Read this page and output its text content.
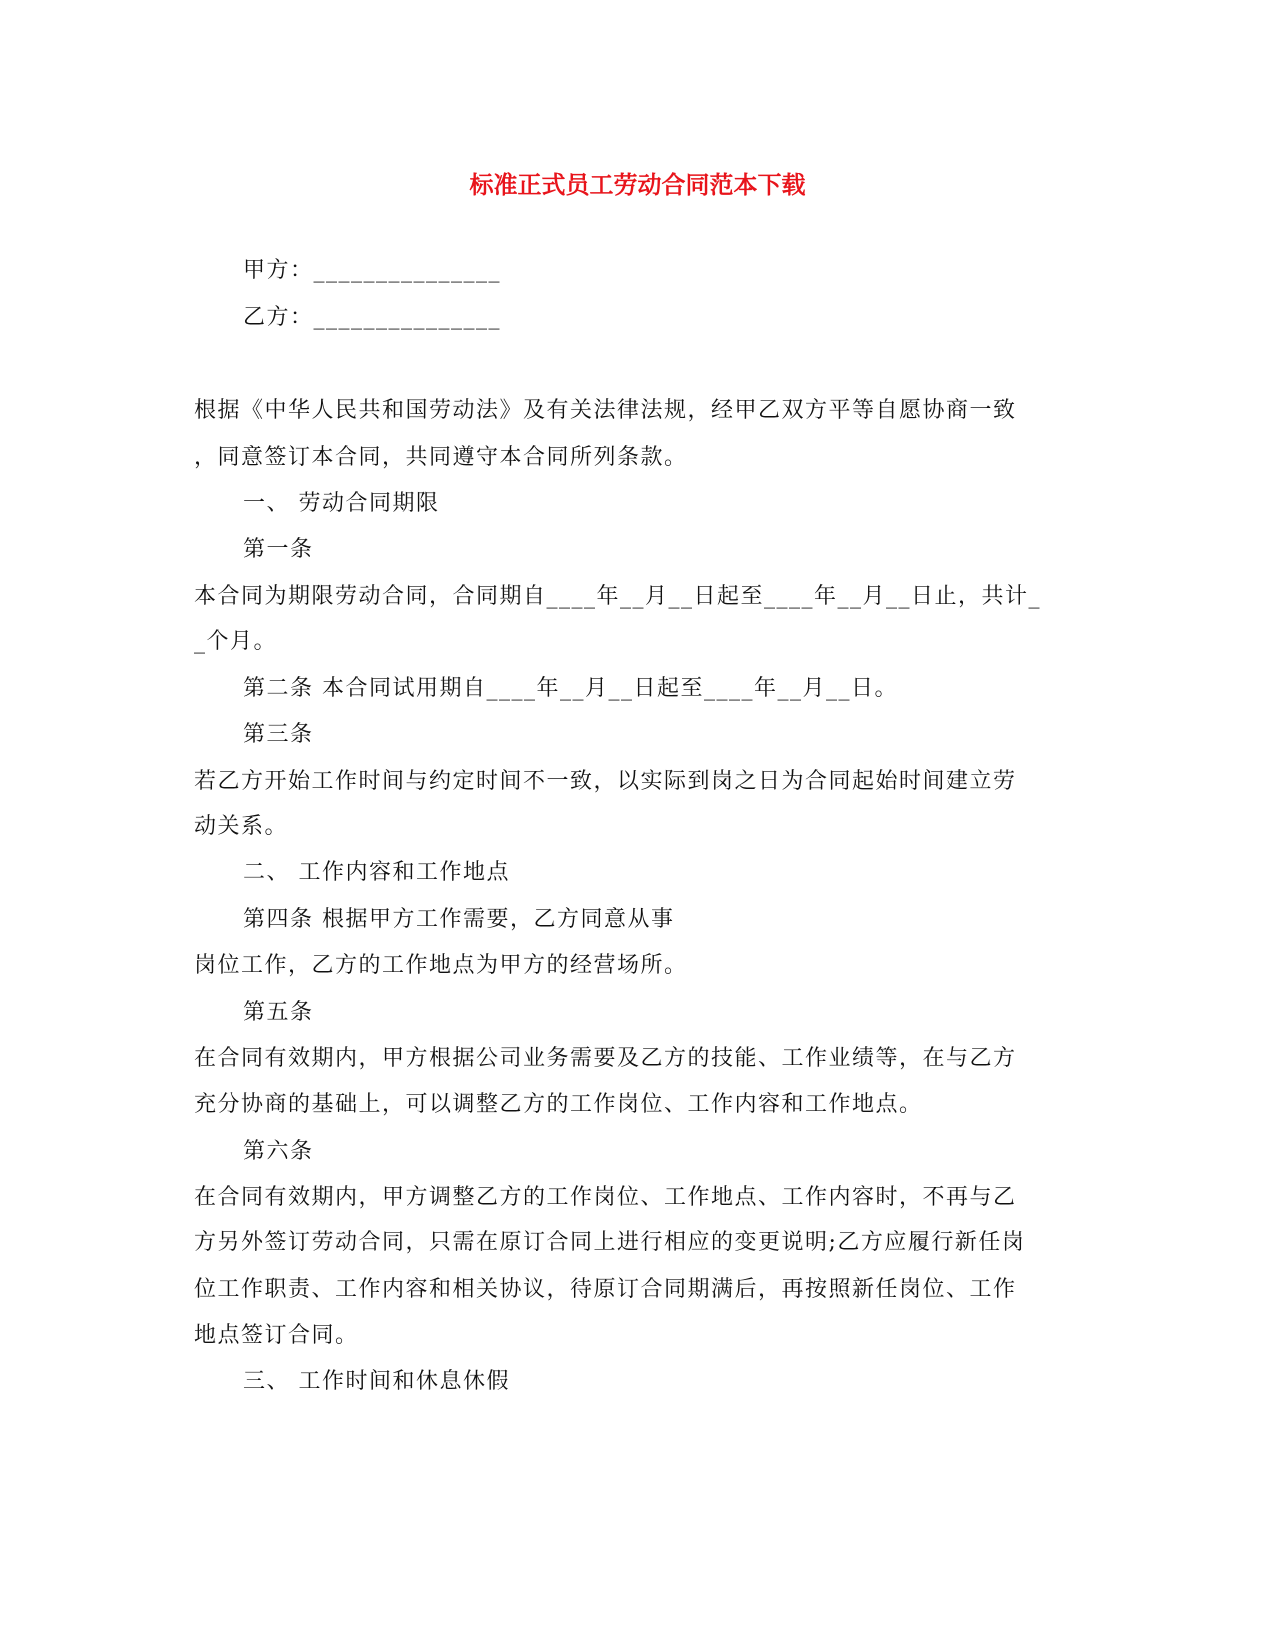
标准正式员工劳动合同范本下载
甲方：_______________
乙方：_______________
根据《中华人民共和国劳动法》及有关法律法规，经甲乙双方平等自愿协商一致
，同意签订本合同，共同遵守本合同所列条款。
一、 劳动合同期限
第一条
本合同为期限劳动合同，合同期自____年__月__日起至____年__月__日止，共计_
_个月。
第二条 本合同试用期自____年__月__日起至____年__月__日。
第三条
若乙方开始工作时间与约定时间不一致，以实际到岗之日为合同起始时间建立劳
动关系。
二、 工作内容和工作地点
第四条 根据甲方工作需要，乙方同意从事
岗位工作，乙方的工作地点为甲方的经营场所。
第五条
在合同有效期内，甲方根据公司业务需要及乙方的技能、工作业绩等，在与乙方
充分协商的基础上，可以调整乙方的工作岗位、工作内容和工作地点。
第六条
在合同有效期内，甲方调整乙方的工作岗位、工作地点、工作内容时，不再与乙
方另外签订劳动合同，只需在原订合同上进行相应的变更说明;乙方应履行新任岗
位工作职责、工作内容和相关协议，待原订合同期满后，再按照新任岗位、工作
地点签订合同。
三、 工作时间和休息休假
